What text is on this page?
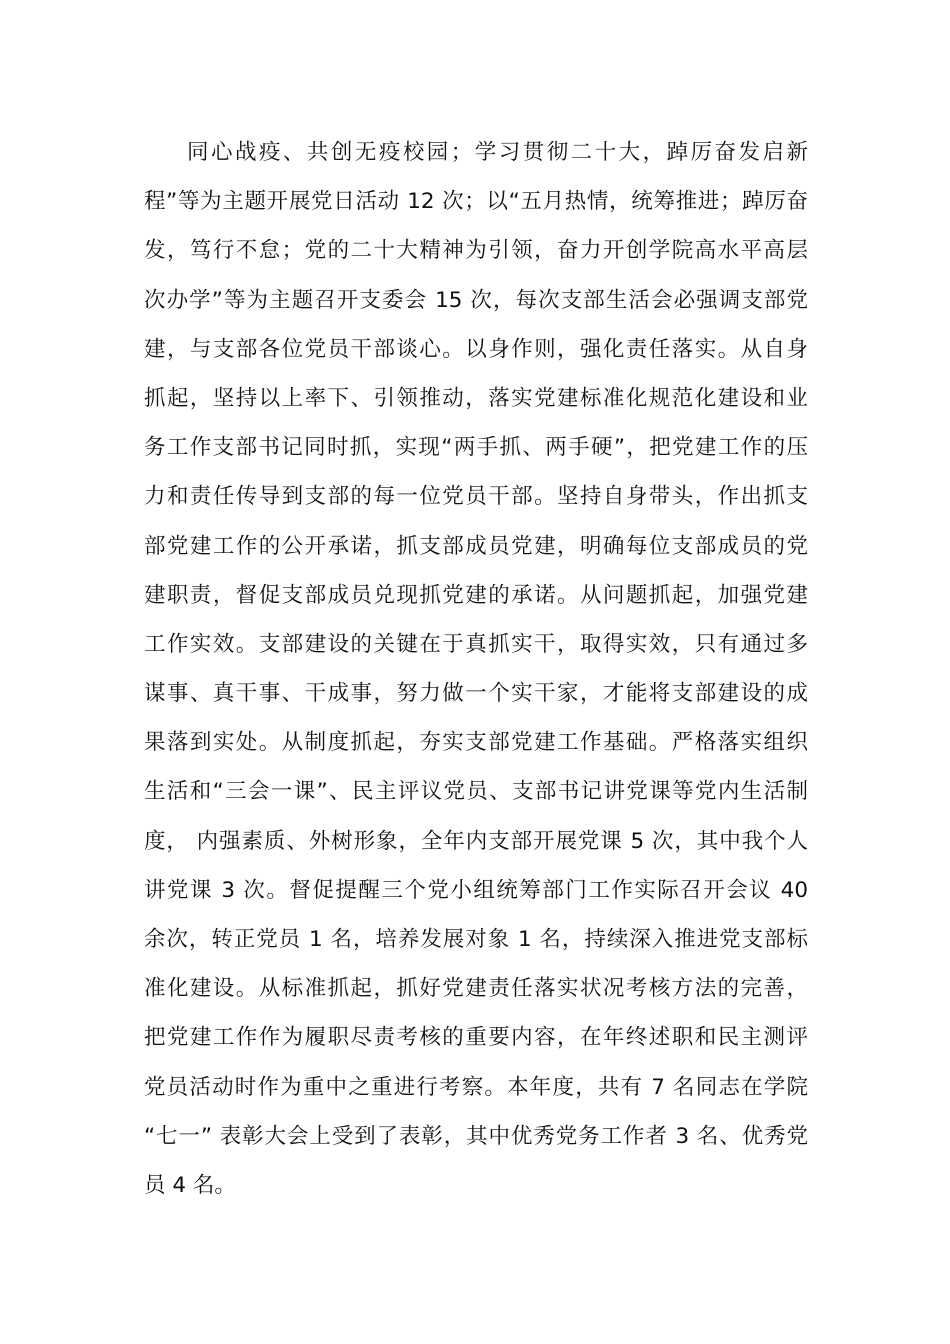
同心战疫、共创无疫校园；学习贯彻二十大，踔厉奋发启新
程”等为主题开展党日活动 12 次；以“五月热情，统筹推进；踔厉奋
发，笃行不怠；党的二十大精神为引领，奋力开创学院高水平高层
次办学”等为主题召开支委会 15 次，每次支部生活会必强调支部党
建，与支部各位党员干部谈心。以身作则，强化责任落实。从自身
抓起，坚持以上率下、引领推动，落实党建标准化规范化建设和业
务工作支部书记同时抓，实现“两手抓、两手硬”，把党建工作的压
力和责任传导到支部的每一位党员干部。坚持自身带头，作出抓支
部党建工作的公开承诺，抓支部成员党建，明确每位支部成员的党
建职责，督促支部成员兑现抓党建的承诺。从问题抓起，加强党建
工作实效。支部建设的关键在于真抓实干，取得实效，只有通过多
谋事、真干事、干成事，努力做一个实干家，才能将支部建设的成
果落到实处。从制度抓起，夯实支部党建工作基础。严格落实组织
生活和“三会一课”、民主评议党员、支部书记讲党课等党内生活制
度， 内强素质、外树形象，全年内支部开展党课 5 次，其中我个人
讲党课 3 次。督促提醒三个党小组统筹部门工作实际召开会议 40
余次，转正党员 1 名，培养发展对象 1 名，持续深入推进党支部标
准化建设。从标准抓起，抓好党建责任落实状况考核方法的完善，
把党建工作作为履职尽责考核的重要内容，在年终述职和民主测评
党员活动时作为重中之重进行考察。本年度，共有 7 名同志在学院
“七一” 表彰大会上受到了表彰，其中优秀党务工作者 3 名、优秀党
员 4 名。
